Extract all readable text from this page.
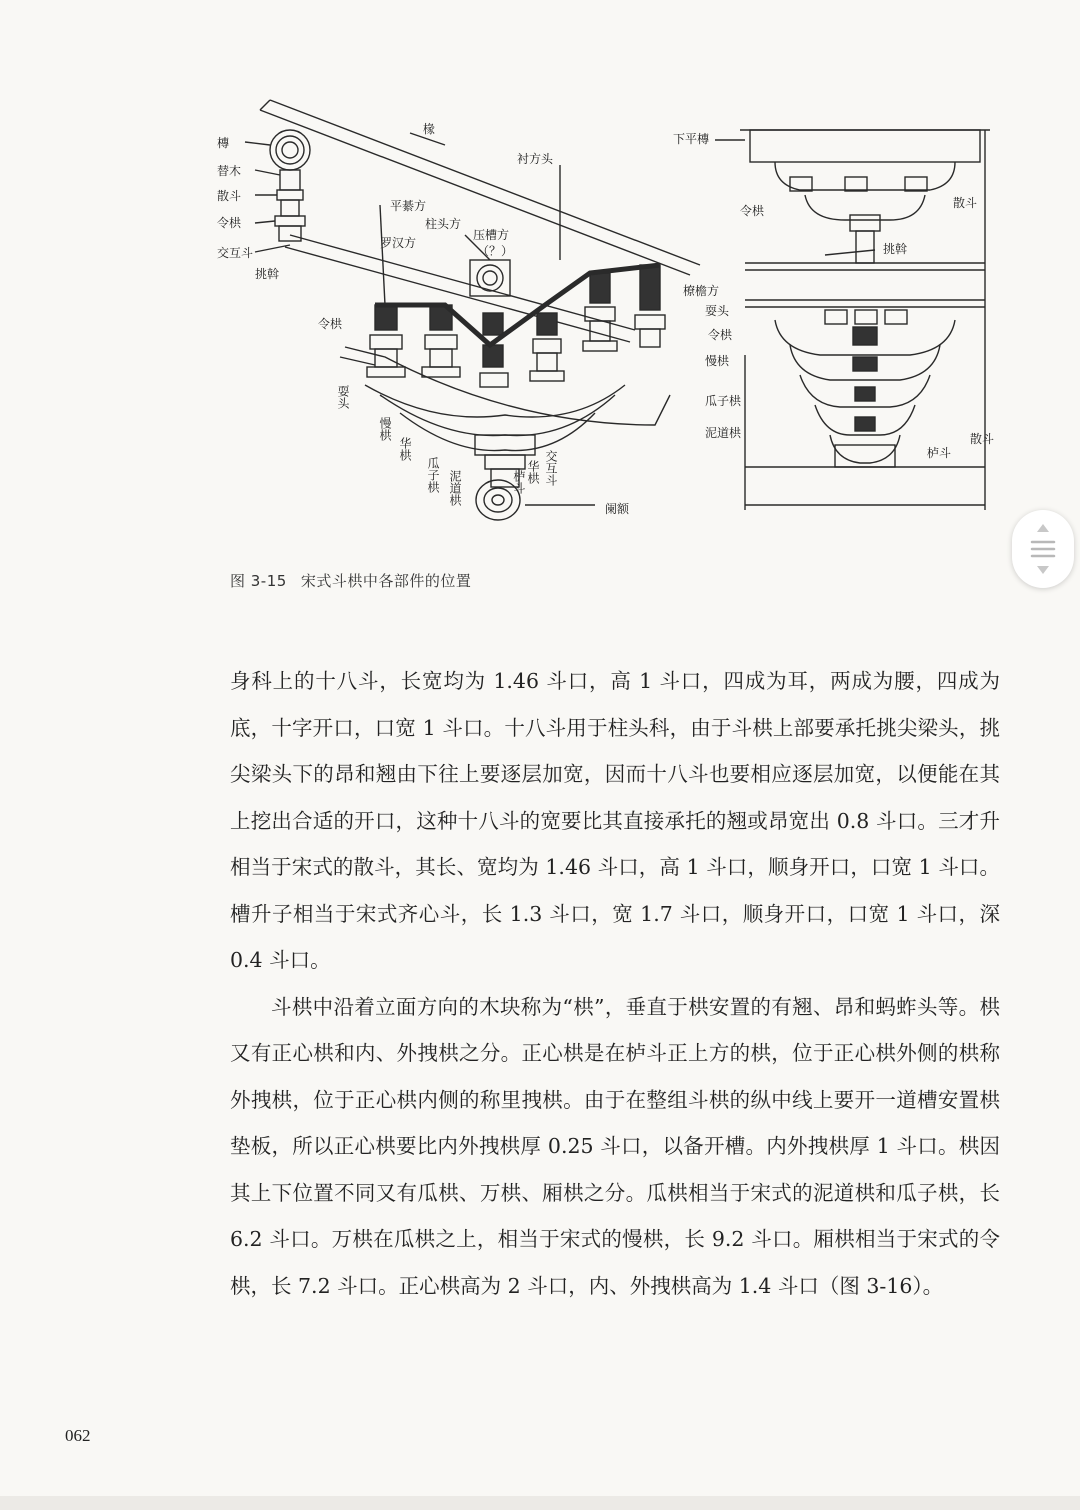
槫
替木
散斗
令栱
交互斗
挑斡
椽
衬方头
平綦方
柱头方
罗汉方
压槽方
（？）
橑檐方
耍头
令栱
慢栱
瓜子栱
泥道栱
栌斗
阑额
令栱
耍头
慢栱
华栱
瓜子栱 泥道栱	栌斗 华栱 交互斗
下平槫
散斗
令栱
挑斡
散斗
图 3-15 宋式斗栱中各部件的位置

身科上的十八斗，长宽均为 1.46 斗口，高 1 斗口，四成为耳，两成为腰，四成为底，十字开口，口宽 1 斗口。十八斗用于柱头科，由于斗栱上部要承托挑尖梁头，挑尖梁头下的昂和翘由下往上要逐层加宽，因而十八斗也要相应逐层加宽，以便能在其上挖出合适的开口，这种十八斗的宽要比其直接承托的翘或昂宽出 0.8 斗口。三才升相当于宋式的散斗，其长、宽均为 1.46 斗口，高 1 斗口，顺身开口，口宽 1 斗口。槽升子相当于宋式齐心斗，长 1.3 斗口，宽 1.7 斗口，顺身开口，口宽 1 斗口，深 0.4 斗口。

斗栱中沿着立面方向的木块称为“栱”，垂直于栱安置的有翘、昂和蚂蚱头等。栱又有正心栱和内、外拽栱之分。正心栱是在栌斗正上方的栱，位于正心栱外侧的栱称外拽栱，位于正心栱内侧的称里拽栱。由于在整组斗栱的纵中线上要开一道槽安置栱垫板，所以正心栱要比内外拽栱厚 0.25 斗口，以备开槽。内外拽栱厚 1 斗口。栱因其上下位置不同又有瓜栱、万栱、厢栱之分。瓜栱相当于宋式的泥道栱和瓜子栱，长 6.2 斗口。万栱在瓜栱之上，相当于宋式的慢栱，长 9.2 斗口。厢栱相当于宋式的令栱，长 7.2 斗口。正心栱高为 2 斗口，内、外拽栱高为 1.4 斗口（图 3-16）。

062
